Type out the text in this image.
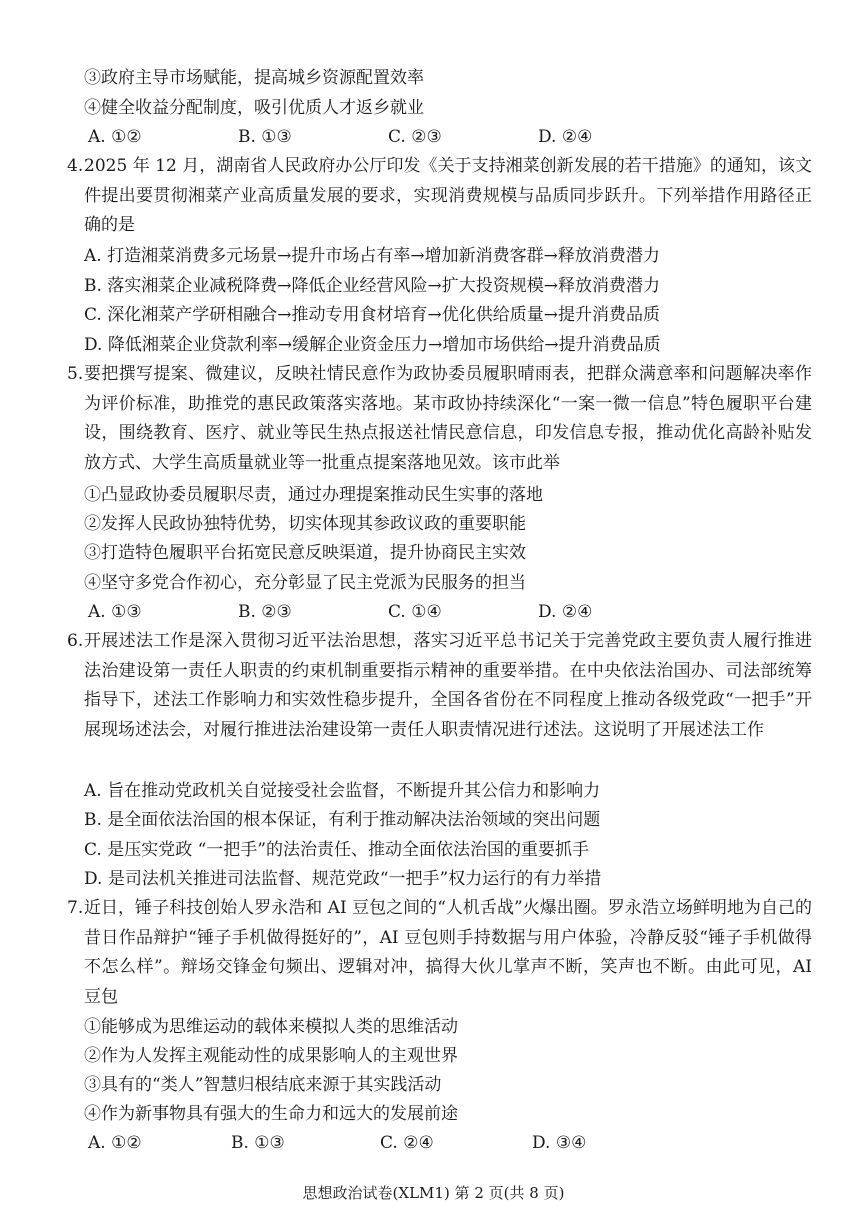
③政府主导市场赋能，提高城乡资源配置效率
④健全收益分配制度，吸引优质人才返乡就业
A. ①②	B. ①③	C. ②③	D. ②④
4. 2025 年 12 月，湖南省人民政府办公厅印发《关于支持湘菜创新发展的若干措施》的通知，该文件提出要贯彻湘菜产业高质量发展的要求，实现消费规模与品质同步跃升。下列举措作用路径正确的是
A. 打造湘菜消费多元场景→提升市场占有率→增加新消费客群→释放消费潜力
B. 落实湘菜企业减税降费→降低企业经营风险→扩大投资规模→释放消费潜力
C. 深化湘菜产学研相融合→推动专用食材培育→优化供给质量→提升消费品质
D. 降低湘菜企业贷款利率→缓解企业资金压力→增加市场供给→提升消费品质
5. 要把撰写提案、微建议，反映社情民意作为政协委员履职晴雨表，把群众满意率和问题解决率作为评价标准，助推党的惠民政策落实落地。某市政协持续深化“一案一微一信息”特色履职平台建设，围绕教育、医疗、就业等民生热点报送社情民意信息，印发信息专报，推动优化高龄补贴发放方式、大学生高质量就业等一批重点提案落地见效。该市此举
①凸显政协委员履职尽责，通过办理提案推动民生实事的落地
②发挥人民政协独特优势，切实体现其参政议政的重要职能
③打造特色履职平台拓宽民意反映渠道，提升协商民主实效
④坚守多党合作初心，充分彰显了民主党派为民服务的担当
A. ①③	B. ②③	C. ①④	D. ②④
6. 开展述法工作是深入贯彻习近平法治思想，落实习近平总书记关于完善党政主要负责人履行推进法治建设第一责任人职责的约束机制重要指示精神的重要举措。在中央依法治国办、司法部统筹指导下，述法工作影响力和实效性稳步提升，全国各省份在不同程度上推动各级党政“一把手”开展现场述法会，对履行推进法治建设第一责任人职责情况进行述法。这说明了开展述法工作
A. 旨在推动党政机关自觉接受社会监督，不断提升其公信力和影响力
B. 是全面依法治国的根本保证，有利于推动解决法治领域的突出问题
C. 是压实党政 “一把手”的法治责任、推动全面依法治国的重要抓手
D. 是司法机关推进司法监督、规范党政“一把手”权力运行的有力举措
7. 近日，锤子科技创始人罗永浩和 AI 豆包之间的“人机舌战”火爆出圈。罗永浩立场鲜明地为自己的昔日作品辩护“锤子手机做得挺好的”，AI 豆包则手持数据与用户体验，冷静反驳“锤子手机做得不怎么样”。辩场交锋金句频出、逻辑对冲，搞得大伙儿掌声不断，笑声也不断。由此可见，AI 豆包
①能够成为思维运动的载体来模拟人类的思维活动
②作为人发挥主观能动性的成果影响人的主观世界
③具有的“类人”智慧归根结底来源于其实践活动
④作为新事物具有强大的生命力和远大的发展前途
A. ①②	B. ①③	C. ②④	D. ③④
思想政治试卷(XLM1) 第 2 页(共 8 页)
